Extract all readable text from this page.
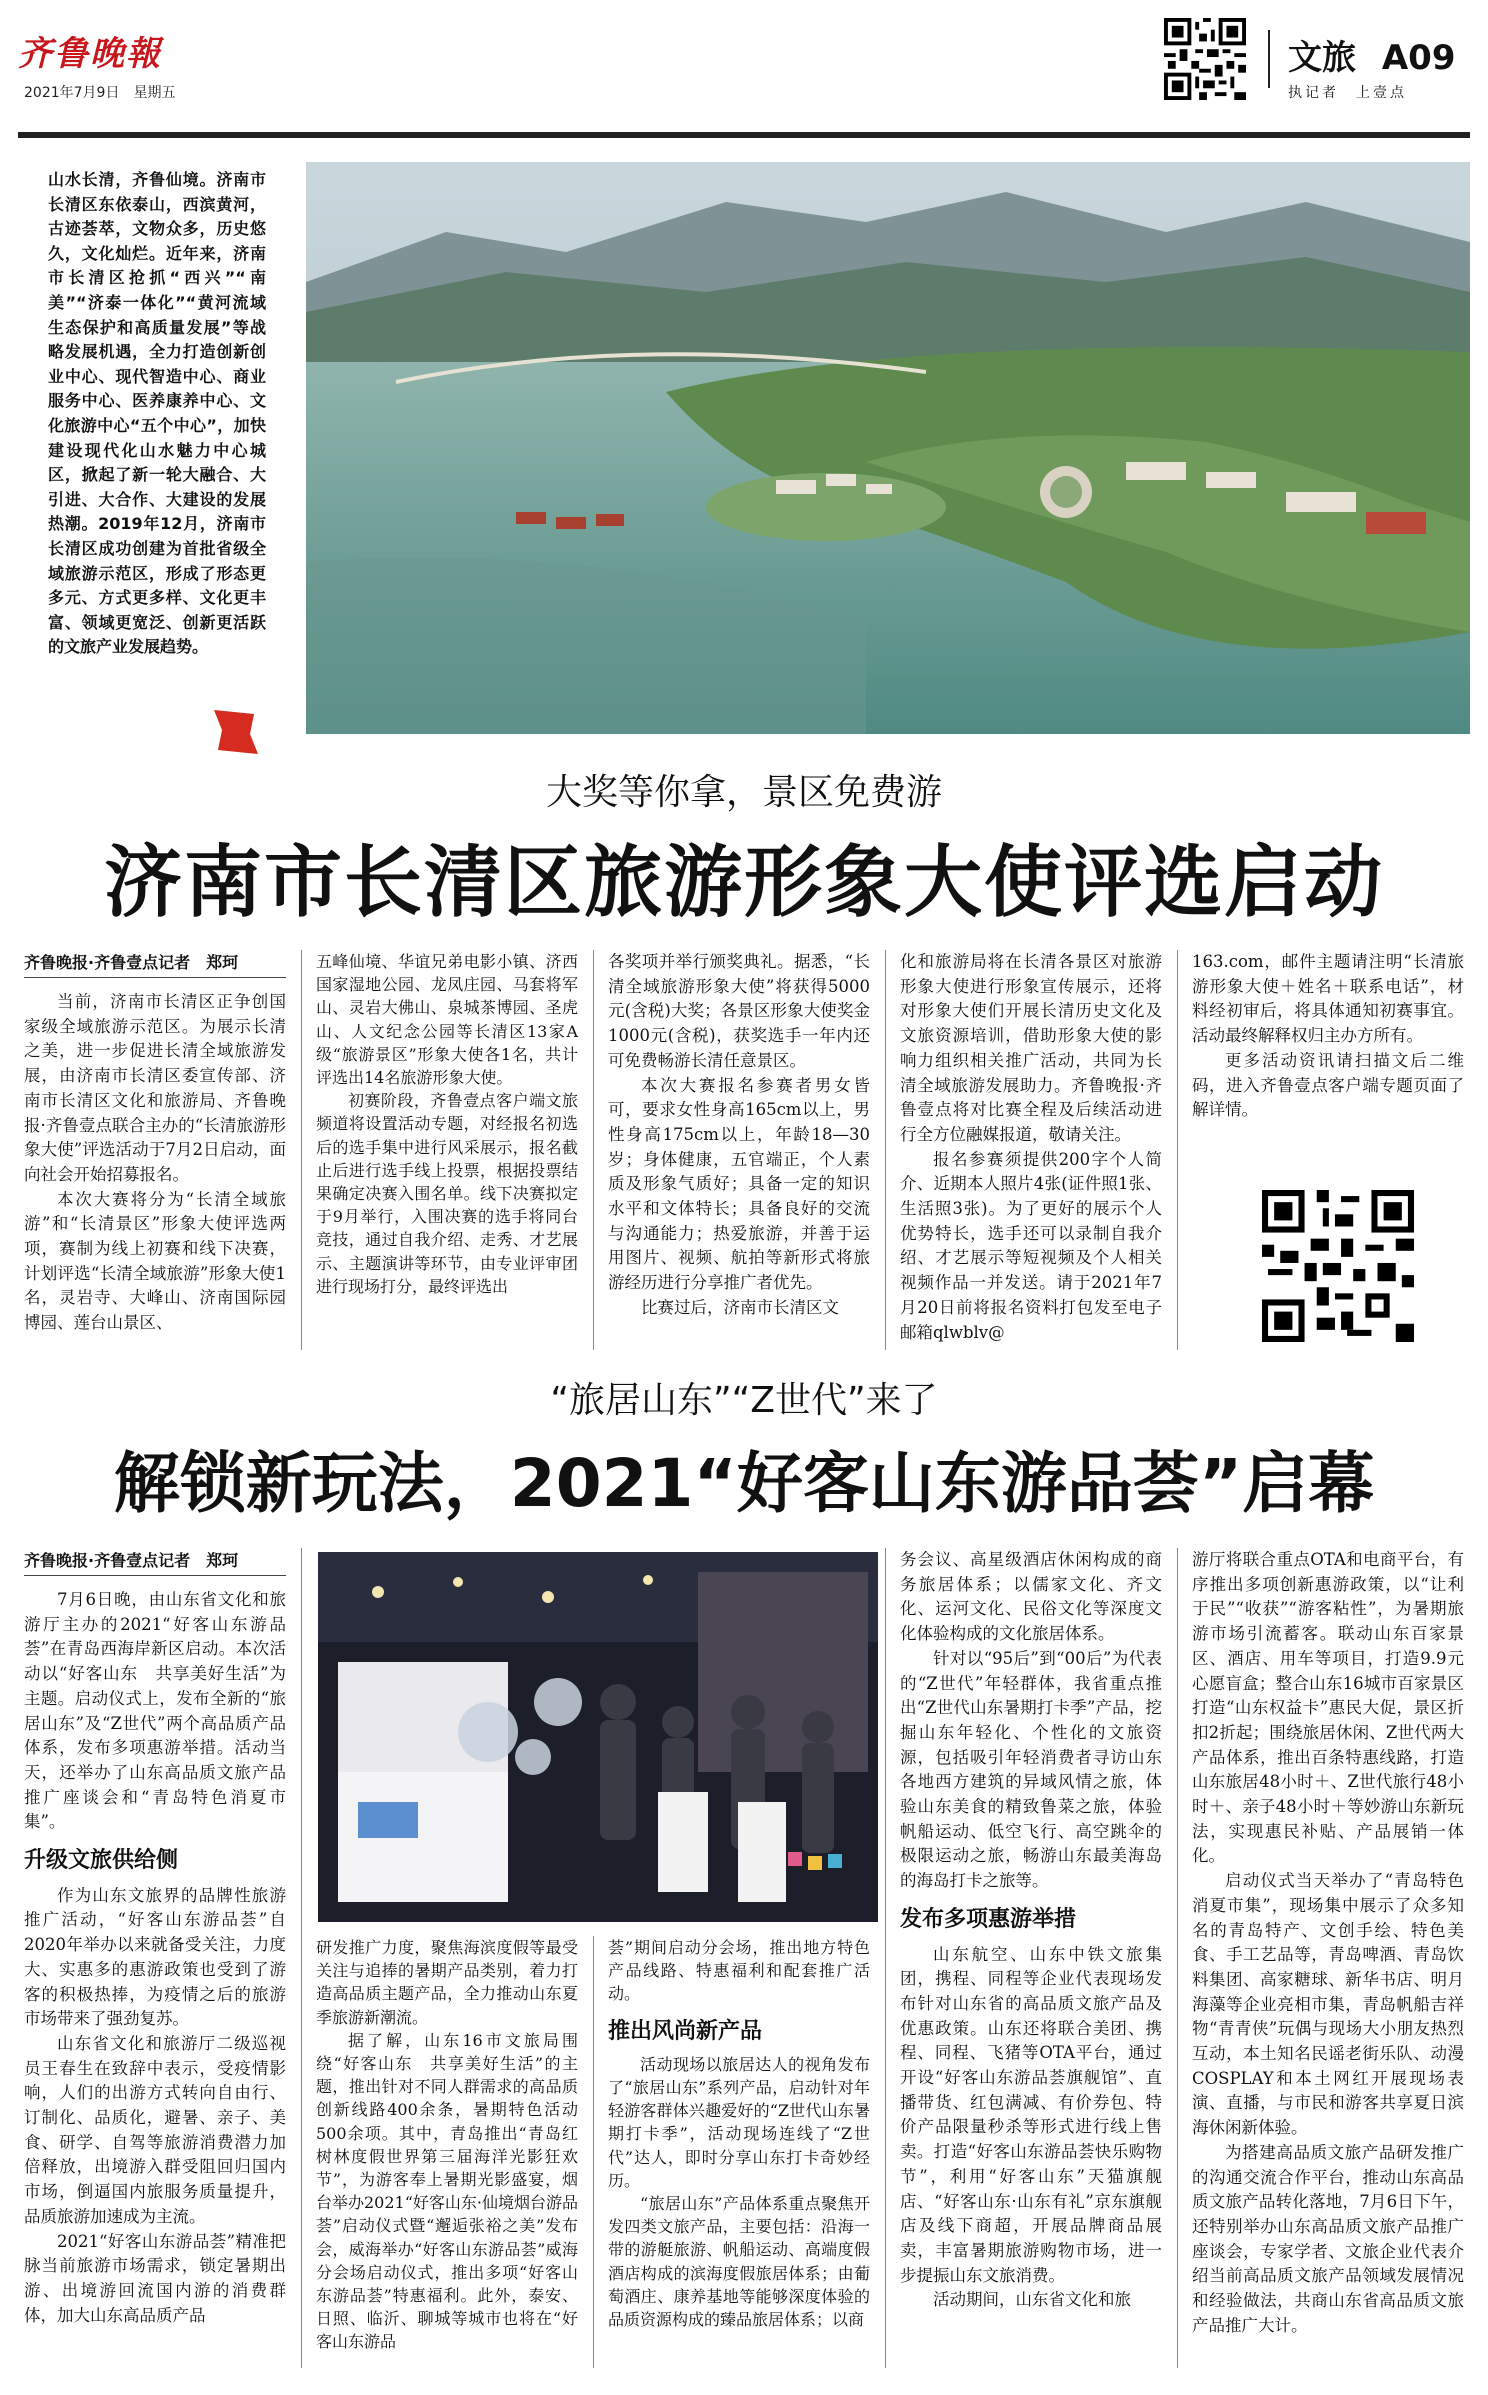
齐鲁晚報
2021年7月9日　星期五
文旅 A09
执记者　上壹点
山水长清，齐鲁仙境。济南市长清区东依泰山，西滨黄河，古迹荟萃，文物众多，历史悠久，文化灿烂。近年来，济南市长清区抢抓“西兴”“南美”“济泰一体化”“黄河流域生态保护和高质量发展”等战略发展机遇，全力打造创新创业中心、现代智造中心、商业服务中心、医养康养中心、文化旅游中心“五个中心”，加快建设现代化山水魅力中心城区，掀起了新一轮大融合、大引进、大合作、大建设的发展热潮。2019年12月，济南市长清区成功创建为首批省级全域旅游示范区，形成了形态更多元、方式更多样、文化更丰富、领域更宽泛、创新更活跃的文旅产业发展趋势。
大奖等你拿，景区免费游
济南市长清区旅游形象大使评选启动
齐鲁晚报·齐鲁壹点记者　郑珂

当前，济南市长清区正争创国家级全域旅游示范区。为展示长清之美，进一步促进长清全域旅游发展，由济南市长清区委宣传部、济南市长清区文化和旅游局、齐鲁晚报·齐鲁壹点联合主办的“长清旅游形象大使”评选活动于7月2日启动，面向社会开始招募报名。

本次大赛将分为“长清全域旅游”和“长清景区”形象大使评选两项，赛制为线上初赛和线下决赛，计划评选“长清全域旅游”形象大使1名，灵岩寺、大峰山、济南国际园博园、莲台山景区、

五峰仙境、华谊兄弟电影小镇、济西国家湿地公园、龙凤庄园、马套将军山、灵岩大佛山、泉城茶博园、圣虎山、人文纪念公园等长清区13家A级“旅游景区”形象大使各1名，共计评选出14名旅游形象大使。

初赛阶段，齐鲁壹点客户端文旅频道将设置活动专题，对经报名初选后的选手集中进行风采展示，报名截止后进行选手线上投票，根据投票结果确定决赛入围名单。线下决赛拟定于9月举行，入围决赛的选手将同台竞技，通过自我介绍、走秀、才艺展示、主题演讲等环节，由专业评审团进行现场打分，最终评选出

各奖项并举行颁奖典礼。据悉，“长清全域旅游形象大使”将获得5000元(含税)大奖；各景区形象大使奖金1000元(含税)，获奖选手一年内还可免费畅游长清任意景区。

本次大赛报名参赛者男女皆可，要求女性身高165cm以上，男性身高175cm以上，年龄18—30岁；身体健康，五官端正，个人素质及形象气质好；具备一定的知识水平和文体特长；具备良好的交流与沟通能力；热爱旅游，并善于运用图片、视频、航拍等新形式将旅游经历进行分享推广者优先。

比赛过后，济南市长清区文

化和旅游局将在长清各景区对旅游形象大使进行形象宣传展示，还将对形象大使们开展长清历史文化及文旅资源培训，借助形象大使的影响力组织相关推广活动，共同为长清全域旅游发展助力。齐鲁晚报·齐鲁壹点将对比赛全程及后续活动进行全方位融媒报道，敬请关注。

报名参赛须提供200字个人简介、近期本人照片4张(证件照1张、生活照3张)。为了更好的展示个人优势特长，选手还可以录制自我介绍、才艺展示等短视频及个人相关视频作品一并发送。请于2021年7月20日前将报名资料打包发至电子邮箱qlwblv@

163.com，邮件主题请注明“长清旅游形象大使＋姓名＋联系电话”，材料经初审后，将具体通知初赛事宜。活动最终解释权归主办方所有。

更多活动资讯请扫描文后二维码，进入齐鲁壹点客户端专题页面了解详情。

“旅居山东”“Z世代”来了
解锁新玩法，2021“好客山东游品荟”启幕
齐鲁晚报·齐鲁壹点记者　郑珂

7月6日晚，由山东省文化和旅游厅主办的2021“好客山东游品荟”在青岛西海岸新区启动。本次活动以“好客山东　共享美好生活”为主题。启动仪式上，发布全新的“旅居山东”及“Z世代”两个高品质产品体系，发布多项惠游举措。活动当天，还举办了山东高品质文旅产品推广座谈会和“青岛特色消夏市集”。

升级文旅供给侧

作为山东文旅界的品牌性旅游推广活动，“好客山东游品荟”自2020年举办以来就备受关注，力度大、实惠多的惠游政策也受到了游客的积极热捧，为疫情之后的旅游市场带来了强劲复苏。

山东省文化和旅游厅二级巡视员王春生在致辞中表示，受疫情影响，人们的出游方式转向自由行、订制化、品质化，避暑、亲子、美食、研学、自驾等旅游消费潜力加倍释放，出境游入群受阻回归国内市场，倒逼国内旅服务质量提升，品质旅游加速成为主流。

2021“好客山东游品荟”精准把脉当前旅游市场需求，锁定暑期出游、出境游回流国内游的消费群体，加大山东高品质产品

研发推广力度，聚焦海滨度假等最受关注与追捧的暑期产品类别，着力打造高品质主题产品，全力推动山东夏季旅游新潮流。

据了解，山东16市文旅局围绕“好客山东　共享美好生活”的主题，推出针对不同人群需求的高品质创新线路400余条，暑期特色活动500余项。其中，青岛推出“青岛红树林度假世界第三届海洋光影狂欢节”，为游客奉上暑期光影盛宴，烟台举办2021“好客山东·仙境烟台游品荟”启动仪式暨“邂逅张裕之美”发布会，威海举办“好客山东游品荟”威海分会场启动仪式，推出多项“好客山东游品荟”特惠福利。此外，泰安、日照、临沂、聊城等城市也将在“好客山东游品

荟”期间启动分会场，推出地方特色产品线路、特惠福利和配套推广活动。

推出风尚新产品

活动现场以旅居达人的视角发布了“旅居山东”系列产品，启动针对年轻游客群体兴趣爱好的“Z世代山东暑期打卡季”，活动现场连线了“Z世代”达人，即时分享山东打卡奇妙经历。

“旅居山东”产品体系重点聚焦开发四类文旅产品，主要包括：沿海一带的游艇旅游、帆船运动、高端度假酒店构成的滨海度假旅居体系；由葡萄酒庄、康养基地等能够深度体验的品质资源构成的臻品旅居体系；以商

务会议、高星级酒店休闲构成的商务旅居体系；以儒家文化、齐文化、运河文化、民俗文化等深度文化体验构成的文化旅居体系。

针对以“95后”到“00后”为代表的“Z世代”年轻群体，我省重点推出“Z世代山东暑期打卡季”产品，挖掘山东年轻化、个性化的文旅资源，包括吸引年轻消费者寻访山东各地西方建筑的异域风情之旅，体验山东美食的精致鲁菜之旅，体验帆船运动、低空飞行、高空跳伞的极限运动之旅，畅游山东最美海岛的海岛打卡之旅等。

发布多项惠游举措

山东航空、山东中铁文旅集团，携程、同程等企业代表现场发布针对山东省的高品质文旅产品及优惠政策。山东还将联合美团、携程、同程、飞猪等OTA平台，通过开设“好客山东游品荟旗舰馆”、直播带货、红包满减、有价券包、特价产品限量秒杀等形式进行线上售卖。打造“好客山东游品荟快乐购物节”，利用“好客山东”天猫旗舰店、“好客山东·山东有礼”京东旗舰店及线下商超，开展品牌商品展卖，丰富暑期旅游购物市场，进一步提振山东文旅消费。

活动期间，山东省文化和旅

游厅将联合重点OTA和电商平台，有序推出多项创新惠游政策，以“让利于民”“收获”“游客粘性”，为暑期旅游市场引流蓄客。联动山东百家景区、酒店、用车等项目，打造9.9元心愿盲盒；整合山东16城市百家景区打造“山东权益卡”惠民大促，景区折扣2折起；围绕旅居休闲、Z世代两大产品体系，推出百条特惠线路，打造山东旅居48小时＋、Z世代旅行48小时＋、亲子48小时＋等妙游山东新玩法，实现惠民补贴、产品展销一体化。

启动仪式当天举办了“青岛特色消夏市集”，现场集中展示了众多知名的青岛特产、文创手绘、特色美食、手工艺品等，青岛啤酒、青岛饮料集团、高家糖球、新华书店、明月海藻等企业亮相市集，青岛帆船吉祥物“青青侠”玩偶与现场大小朋友热烈互动，本土知名民谣老街乐队、动漫COSPLAY和本土网红开展现场表演、直播，与市民和游客共享夏日滨海休闲新体验。

为搭建高品质文旅产品研发推广的沟通交流合作平台，推动山东高品质文旅产品转化落地，7月6日下午，还特别举办山东高品质文旅产品推广座谈会，专家学者、文旅企业代表介绍当前高品质文旅产品领域发展情况和经验做法，共商山东省高品质文旅产品推广大计。
